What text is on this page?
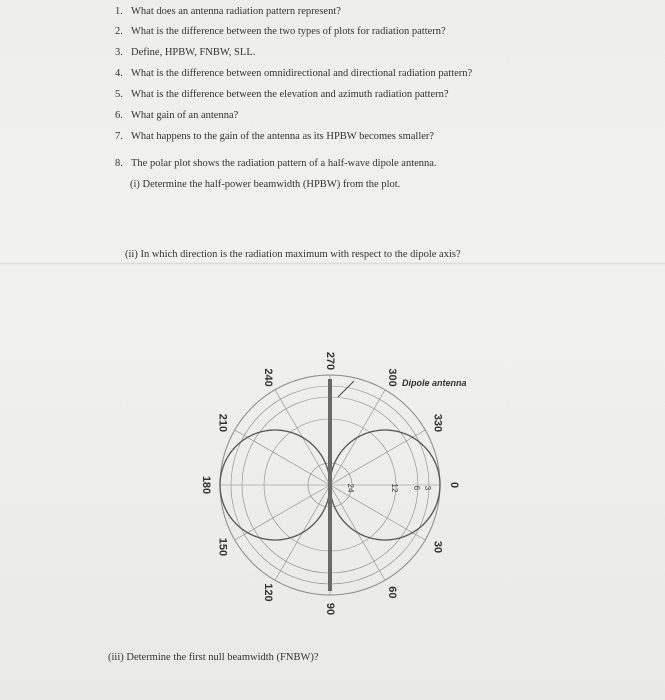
1. What does an antenna radiation pattern represent?
2. What is the difference between the two types of plots for radiation pattern?
3. Define, HPBW, FNBW, SLL.
4. What is the difference between omnidirectional and directional radiation pattern?
5. What is the difference between the elevation and azimuth radiation pattern?
6. What gain of an antenna?
7. What happens to the gain of the antenna as its HPBW becomes smaller?
8. The polar plot shows the radiation pattern of a half-wave dipole antenna.
(i) Determine the half-power beamwidth (HPBW) from the plot.
(ii) In which direction is the radiation maximum with respect to the dipole axis?
0
30
60
90
120
150
180
210
240
270
300
330
3
6
12
24
Dipole antenna
(iii) Determine the first null beamwidth (FNBW)?
